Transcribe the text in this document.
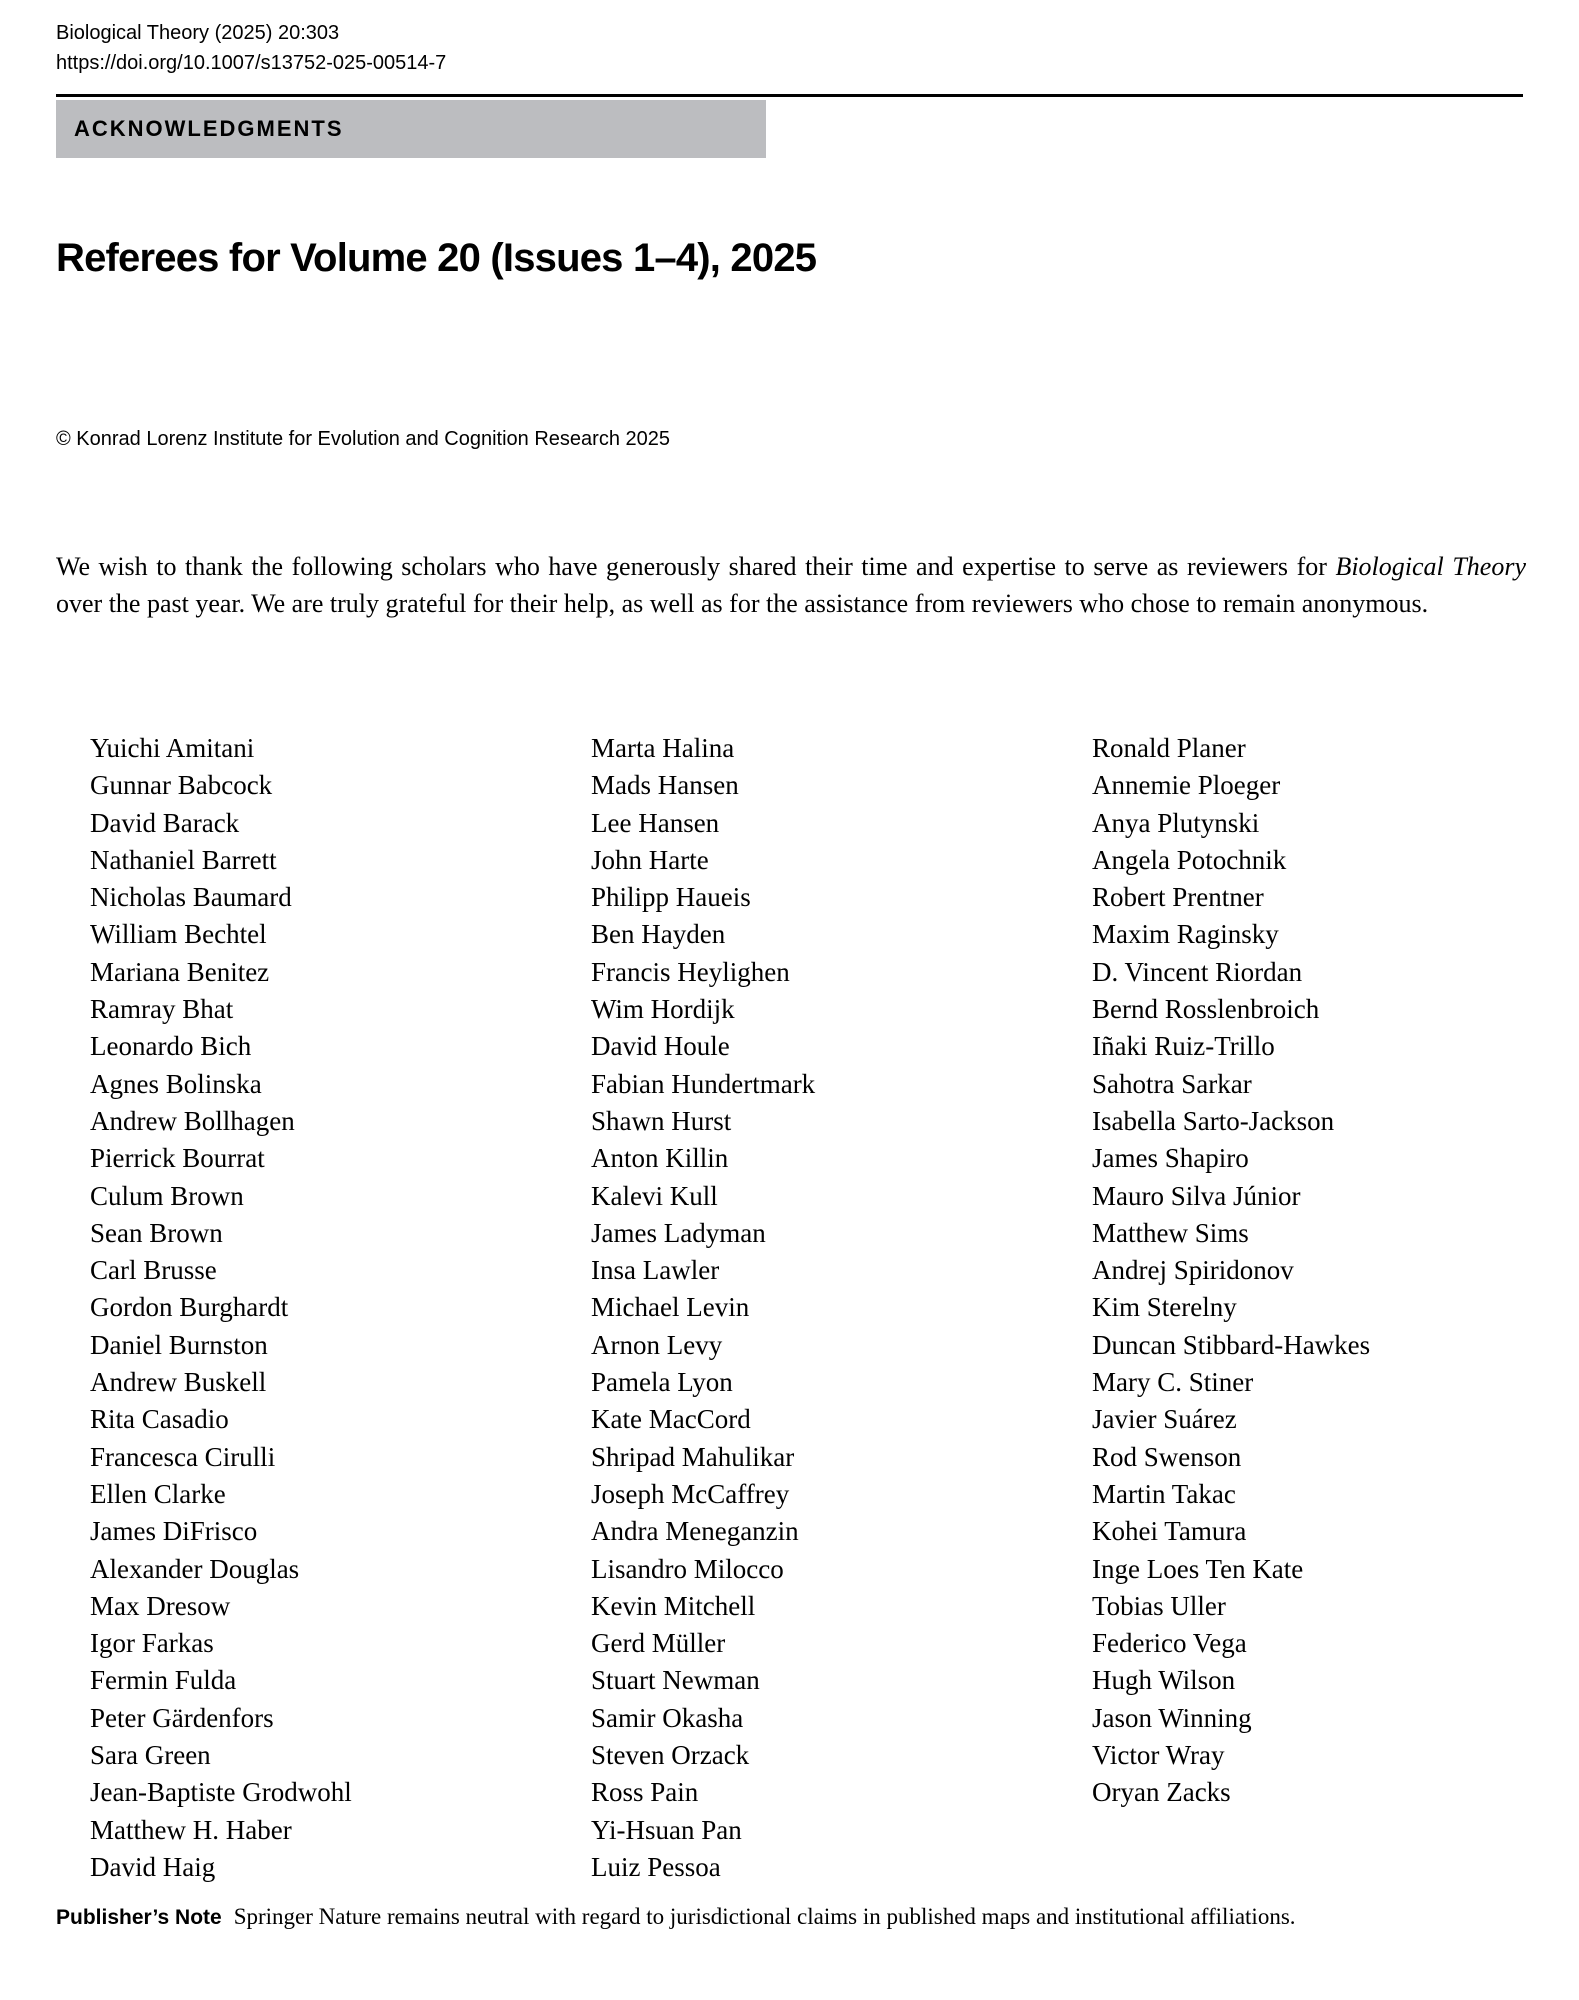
Biological Theory (2025) 20:303
https://doi.org/10.1007/s13752-025-00514-7
ACKNOWLEDGMENTS
Referees for Volume 20 (Issues 1–4), 2025
© Konrad Lorenz Institute for Evolution and Cognition Research 2025

We wish to thank the following scholars who have generously shared their time and expertise to serve as reviewers for Biological Theory over the past year. We are truly grateful for their help, as well as for the assistance from reviewers who chose to remain anonymous.

Yuichi Amitani
Gunnar Babcock
David Barack
Nathaniel Barrett
Nicholas Baumard
William Bechtel
Mariana Benitez
Ramray Bhat
Leonardo Bich
Agnes Bolinska
Andrew Bollhagen
Pierrick Bourrat
Culum Brown
Sean Brown
Carl Brusse
Gordon Burghardt
Daniel Burnston
Andrew Buskell
Rita Casadio
Francesca Cirulli
Ellen Clarke
James DiFrisco
Alexander Douglas
Max Dresow
Igor Farkas
Fermin Fulda
Peter Gärdenfors
Sara Green
Jean-Baptiste Grodwohl
Matthew H. Haber
David Haig
Marta Halina
Mads Hansen
Lee Hansen
John Harte
Philipp Haueis
Ben Hayden
Francis Heylighen
Wim Hordijk
David Houle
Fabian Hundertmark
Shawn Hurst
Anton Killin
Kalevi Kull
James Ladyman
Insa Lawler
Michael Levin
Arnon Levy
Pamela Lyon
Kate MacCord
Shripad Mahulikar
Joseph McCaffrey
Andra Meneganzin
Lisandro Milocco
Kevin Mitchell
Gerd Müller
Stuart Newman
Samir Okasha
Steven Orzack
Ross Pain
Yi-Hsuan Pan
Luiz Pessoa
Ronald Planer
Annemie Ploeger
Anya Plutynski
Angela Potochnik
Robert Prentner
Maxim Raginsky
D. Vincent Riordan
Bernd Rosslenbroich
Iñaki Ruiz-Trillo
Sahotra Sarkar
Isabella Sarto-Jackson
James Shapiro
Mauro Silva Júnior
Matthew Sims
Andrej Spiridonov
Kim Sterelny
Duncan Stibbard-Hawkes
Mary C. Stiner
Javier Suárez
Rod Swenson
Martin Takac
Kohei Tamura
Inge Loes Ten Kate
Tobias Uller
Federico Vega
Hugh Wilson
Jason Winning
Victor Wray
Oryan Zacks

Publisher’s Note Springer Nature remains neutral with regard to jurisdictional claims in published maps and institutional affiliations.
